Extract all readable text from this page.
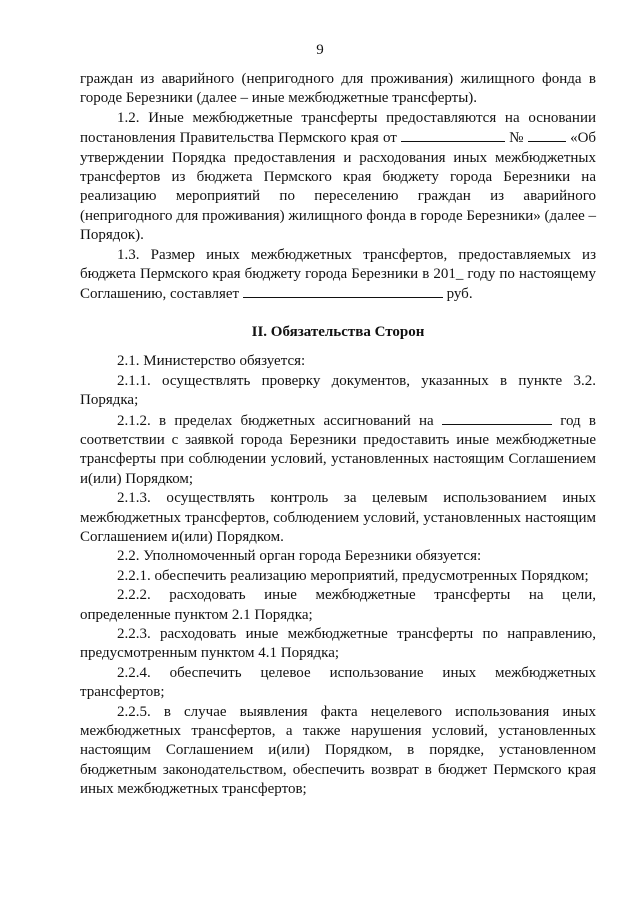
9

граждан из аварийного (непригодного для проживания) жилищного фонда в городе Березники (далее – иные межбюджетные трансферты).

1.2. Иные межбюджетные трансферты предоставляются на основании постановления Правительства Пермского края от	№	«Об утверждении Порядка предоставления и расходования иных межбюджетных трансфертов из бюджета Пермского края бюджету города Березники на реализацию мероприятий по переселению граждан из аварийного (непригодного для проживания) жилищного фонда в городе Березники» (далее – Порядок).

1.3. Размер иных межбюджетных трансфертов, предоставляемых из бюджета Пермского края бюджету города Березники в 201_ году по настоящему Соглашению, составляет	руб.

II. Обязательства Сторон

2.1. Министерство обязуется:

2.1.1. осуществлять проверку документов, указанных в пункте 3.2. Порядка;

2.1.2. в пределах бюджетных ассигнований на	год в соответствии с заявкой города Березники предоставить иные межбюджетные трансферты при соблюдении условий, установленных настоящим Соглашением и(или) Порядком;

2.1.3. осуществлять контроль за целевым использованием иных межбюджетных трансфертов, соблюдением условий, установленных настоящим Соглашением и(или) Порядком.

2.2. Уполномоченный орган города Березники обязуется:

2.2.1. обеспечить реализацию мероприятий, предусмотренных Порядком;

2.2.2. расходовать иные межбюджетные трансферты на цели, определенные пунктом 2.1 Порядка;

2.2.3. расходовать иные межбюджетные трансферты по направлению, предусмотренным пунктом 4.1 Порядка;

2.2.4. обеспечить целевое использование иных межбюджетных трансфертов;

2.2.5. в случае выявления факта нецелевого использования иных межбюджетных трансфертов, а также нарушения условий, установленных настоящим Соглашением и(или) Порядком, в порядке, установленном бюджетным законодательством, обеспечить возврат в бюджет Пермского края иных межбюджетных трансфертов;
